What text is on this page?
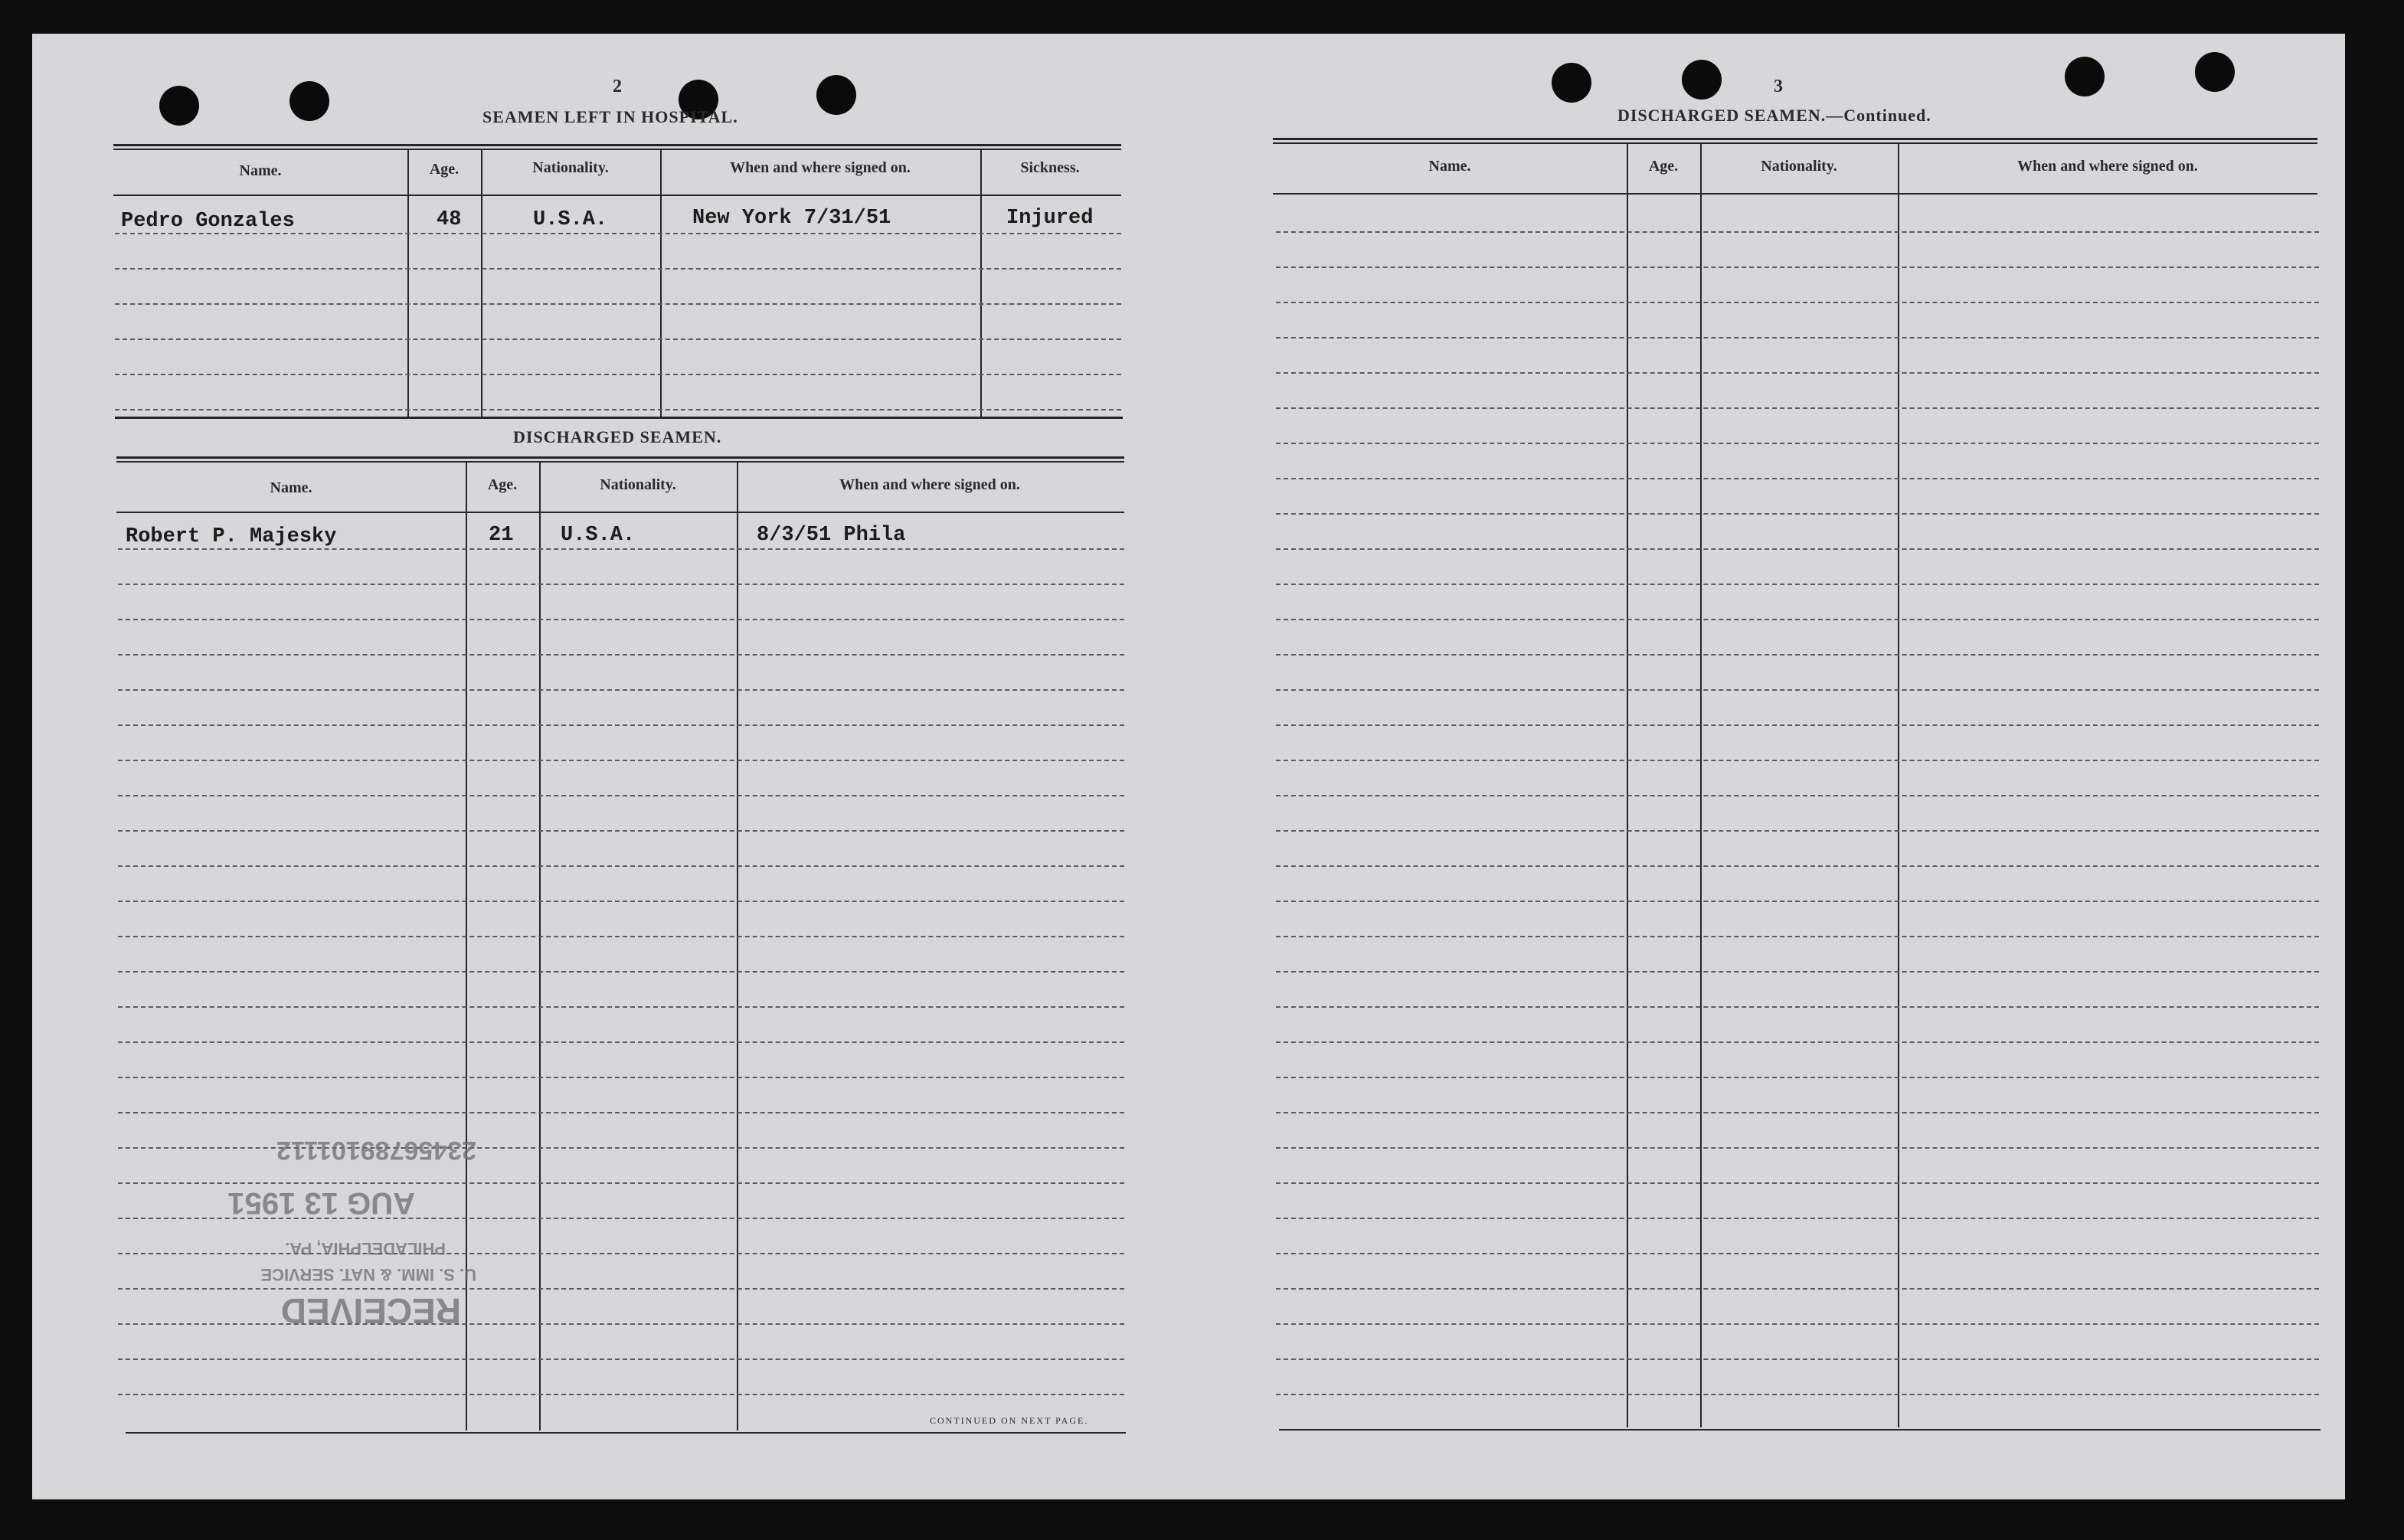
2
SEAMEN LEFT IN HOSPITAL.
Name.	Age.	Nationality.	When and where signed on.	Sickness.
Pedro Gonzales	48	U.S.A.	New York 7/31/51	Injured
DISCHARGED SEAMEN.
Name.	Age.	Nationality.	When and where signed on.
Robert P. Majesky	21 U.S.A.	8/3/51 Phila
CONTINUED ON NEXT PAGE.
RECEIVED
U. S. IMM. & NAT. SERVICE
PHILADELPHIA, PA.
AUG 13 1951
23456789101112
3
DISCHARGED SEAMEN.—Continued.
Name.	Age.	Nationality.	When and where signed on.
